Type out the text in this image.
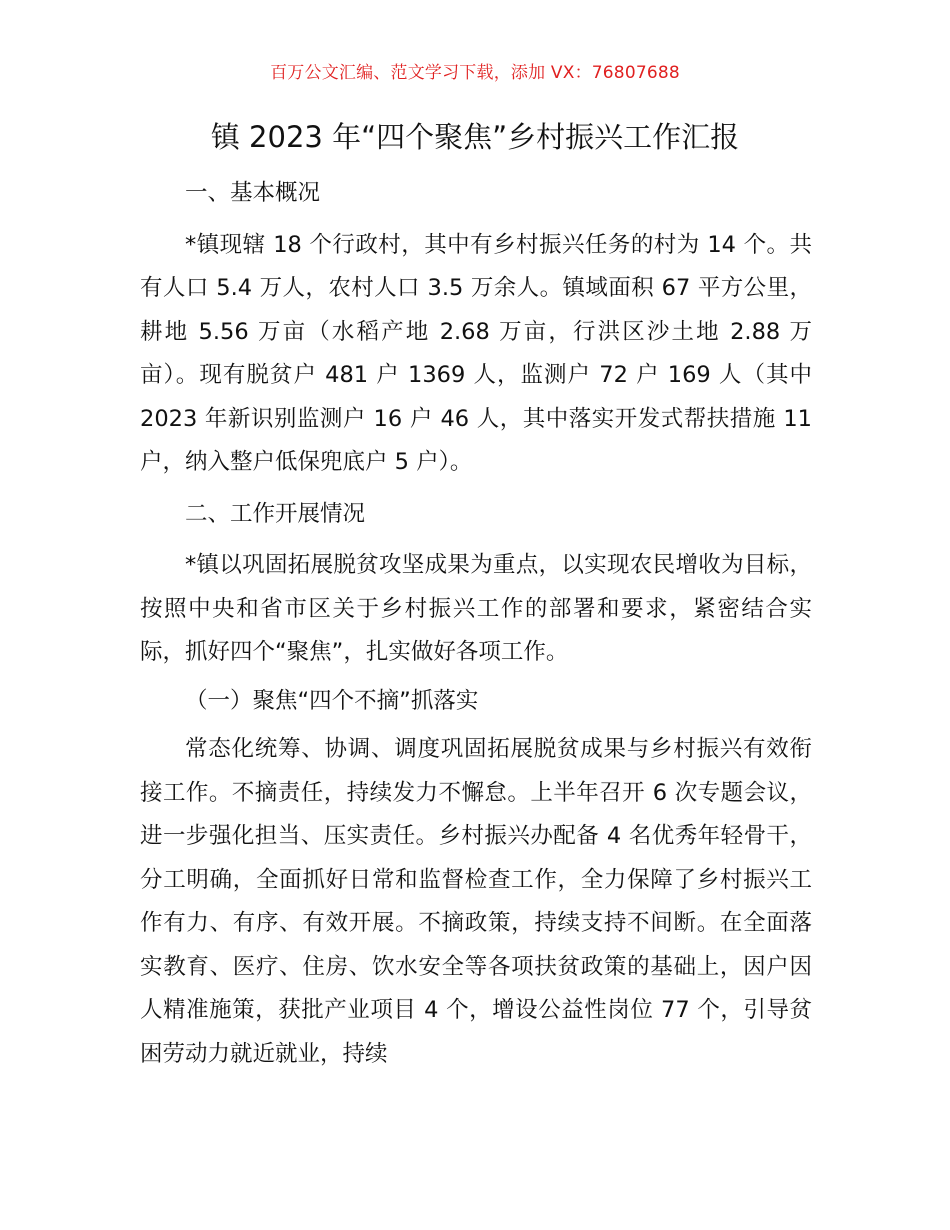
百万公文汇编、范文学习下载，添加 VX：76807688
镇 2023 年“四个聚焦”乡村振兴工作汇报

一、基本概况

*镇现辖 18 个行政村，其中有乡村振兴任务的村为 14 个。共有人口 5.4 万人，农村人口 3.5 万余人。镇域面积 67 平方公里，耕地 5.56 万亩（水稻产地 2.68 万亩，行洪区沙土地 2.88 万亩）。现有脱贫户 481 户 1369 人，监测户 72 户 169 人（其中 2023 年新识别监测户 16 户 46 人，其中落实开发式帮扶措施 11 户，纳入整户低保兜底户 5 户）。

二、工作开展情况

*镇以巩固拓展脱贫攻坚成果为重点，以实现农民增收为目标，按照中央和省市区关于乡村振兴工作的部署和要求，紧密结合实际，抓好四个“聚焦”，扎实做好各项工作。

（一）聚焦“四个不摘”抓落实

常态化统筹、协调、调度巩固拓展脱贫成果与乡村振兴有效衔接工作。不摘责任，持续发力不懈怠。上半年召开 6 次专题会议，进一步强化担当、压实责任。乡村振兴办配备 4 名优秀年轻骨干，分工明确，全面抓好日常和监督检查工作，全力保障了乡村振兴工作有力、有序、有效开展。不摘政策，持续支持不间断。在全面落实教育、医疗、住房、饮水安全等各项扶贫政策的基础上，因户因人精准施策，获批产业项目 4 个，增设公益性岗位 77 个，引导贫困劳动力就近就业，持续
